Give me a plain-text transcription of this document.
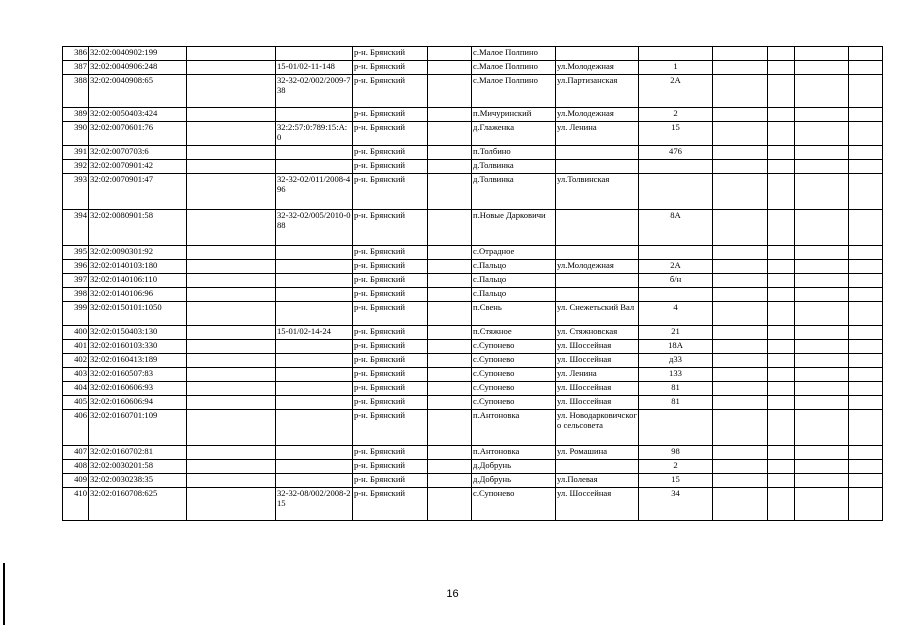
386	32:02:0040902:199			р-н. Брянский		с.Малое Полпино						
387	32:02:0040906:248		15-01/02-11-148	р-н. Брянский		с.Малое Полпино	ул.Молодежная	1				
388	32:02:0040908:65		32-32-02/002/2009-738	р-н. Брянский		с.Малое Полпино	ул.Партизанская	2А				
389	32:02:0050403:424			р-н. Брянский		п.Мичуринский	ул.Молодежная	2				
390	32:02:0070601:76		32:2:57:0:789:15:А:0	р-н. Брянский		д.Глаженка	ул. Ленина	15				
391	32:02:0070703:6			р-н. Брянский		п.Толбино		476				
392	32:02:0070901:42			р-н. Брянский		д.Толвинка						
393	32:02:0070901:47		32-32-02/011/2008-496	р-н. Брянский		д.Толвинка	ул.Толвинская					
394	32:02:0080901:58		32-32-02/005/2010-088	р-н. Брянский		п.Новые Дарковичи		8А				
395	32:02:0090301:92			р-н. Брянский		с.Отрадное						
396	32:02:0140103:180			р-н. Брянский		с.Пальцо	ул.Молодежная	2А				
397	32:02:0140106:110			р-н. Брянский		с.Пальцо		б/н				
398	32:02:0140106:96			р-н. Брянский		с.Пальцо						
399	32:02:0150101:1050			р-н. Брянский		п.Свень	ул. Снежетьский Вал	4				
400	32:02:0150403:130		15-01/02-14-24	р-н. Брянский		п.Стяжное	ул. Стяжновская	21				
401	32:02:0160103:330			р-н. Брянский		с.Супонево	ул. Шоссейная	18А				
402	32:02:0160413:189			р-н. Брянский		с.Супонево	ул. Шоссейная	д33				
403	32:02:0160507:83			р-н. Брянский		с.Супонево	ул. Ленина	133				
404	32:02:0160606:93			р-н. Брянский		с.Супонево	ул. Шоссейная	81				
405	32:02:0160606:94			р-н. Брянский		с.Супонево	ул. Шоссейная	81				
406	32:02:0160701:109			р-н. Брянский		п.Антоновка	ул. Новодарковичского сельсовета					
407	32:02:0160702:81			р-н. Брянский		п.Антоновка	ул. Ромашина	98				
408	32:02:0030201:58			р-н. Брянский		д.Добрунь		2				
409	32:02:0030238:35			р-н. Брянский		д.Добрунь	ул.Полевая	15				
410	32:02:0160708:625		32-32-08/002/2008-215	р-н. Брянский		с.Супонево	ул. Шоссейная	34				
16
